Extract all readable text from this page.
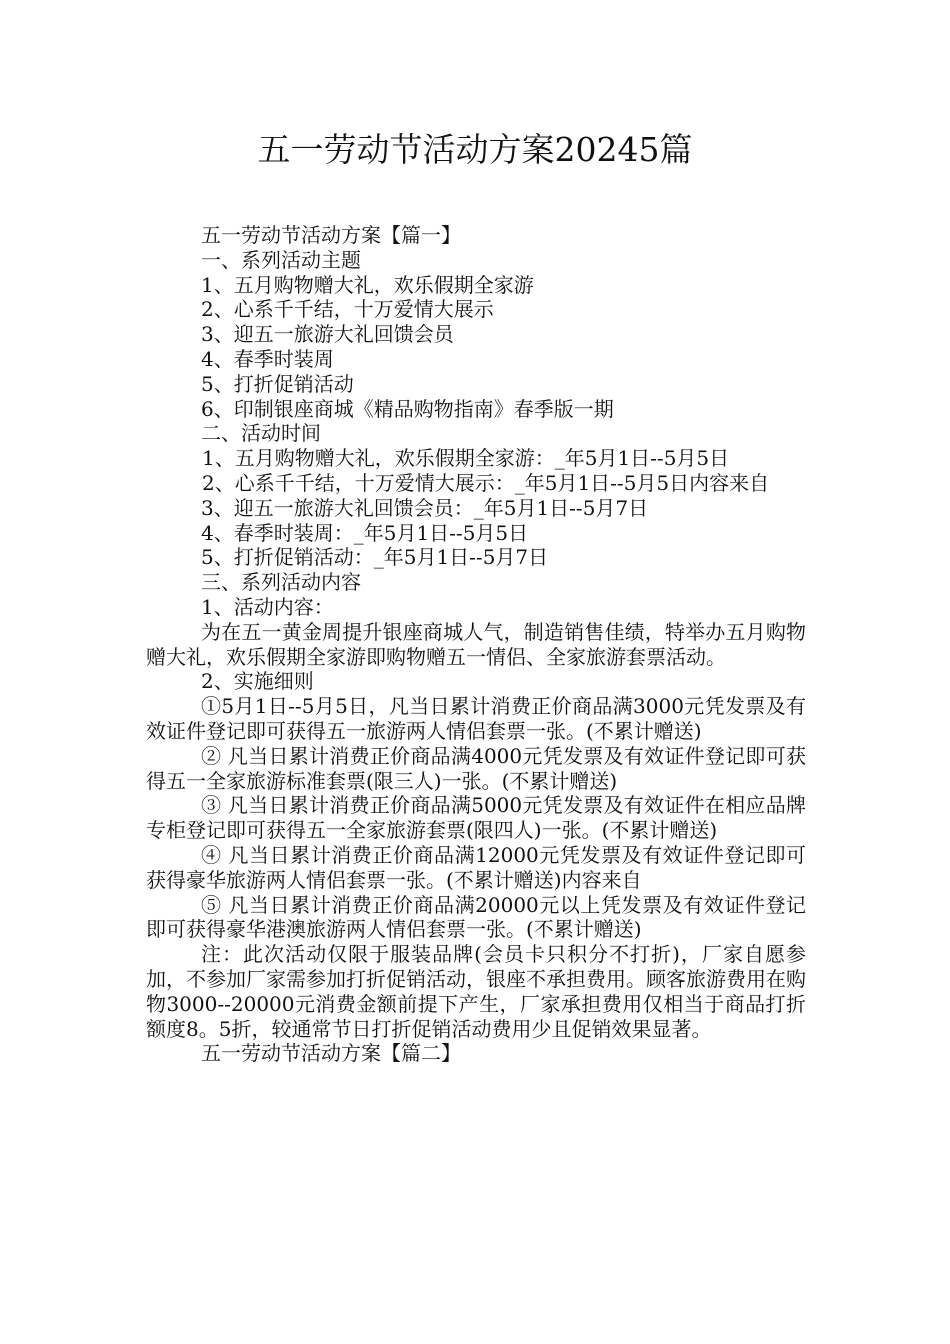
五一劳动节活动方案20245篇

五一劳动节活动方案【篇一】

一、系列活动主题

1、五月购物赠大礼，欢乐假期全家游

2、心系千千结，十万爱情大展示

3、迎五一旅游大礼回馈会员

4、春季时装周

5、打折促销活动

6、印制银座商城《精品购物指南》春季版一期

二、活动时间

1、五月购物赠大礼，欢乐假期全家游：_年5月1日--5月5日

2、心系千千结，十万爱情大展示：_年5月1日--5月5日内容来自

3、迎五一旅游大礼回馈会员：_年5月1日--5月7日

4、春季时装周：_年5月1日--5月5日

5、打折促销活动：_年5月1日--5月7日

三、系列活动内容

1、活动内容：

为在五一黄金周提升银座商城人气，制造销售佳绩，特举办五月购物赠大礼，欢乐假期全家游即购物赠五一情侣、全家旅游套票活动。

2、实施细则

①5月1日--5月5日，凡当日累计消费正价商品满3000元凭发票及有效证件登记即可获得五一旅游两人情侣套票一张。(不累计赠送)

② 凡当日累计消费正价商品满4000元凭发票及有效证件登记即可获得五一全家旅游标准套票(限三人)一张。(不累计赠送)

③ 凡当日累计消费正价商品满5000元凭发票及有效证件在相应品牌专柜登记即可获得五一全家旅游套票(限四人)一张。(不累计赠送)

④ 凡当日累计消费正价商品满12000元凭发票及有效证件登记即可获得豪华旅游两人情侣套票一张。(不累计赠送)内容来自

⑤ 凡当日累计消费正价商品满20000元以上凭发票及有效证件登记即可获得豪华港澳旅游两人情侣套票一张。(不累计赠送)

注：此次活动仅限于服装品牌(会员卡只积分不打折)，厂家自愿参加，不参加厂家需参加打折促销活动，银座不承担费用。顾客旅游费用在购物3000--20000元消费金额前提下产生，厂家承担费用仅相当于商品打折额度8。5折，较通常节日打折促销活动费用少且促销效果显著。

五一劳动节活动方案【篇二】
